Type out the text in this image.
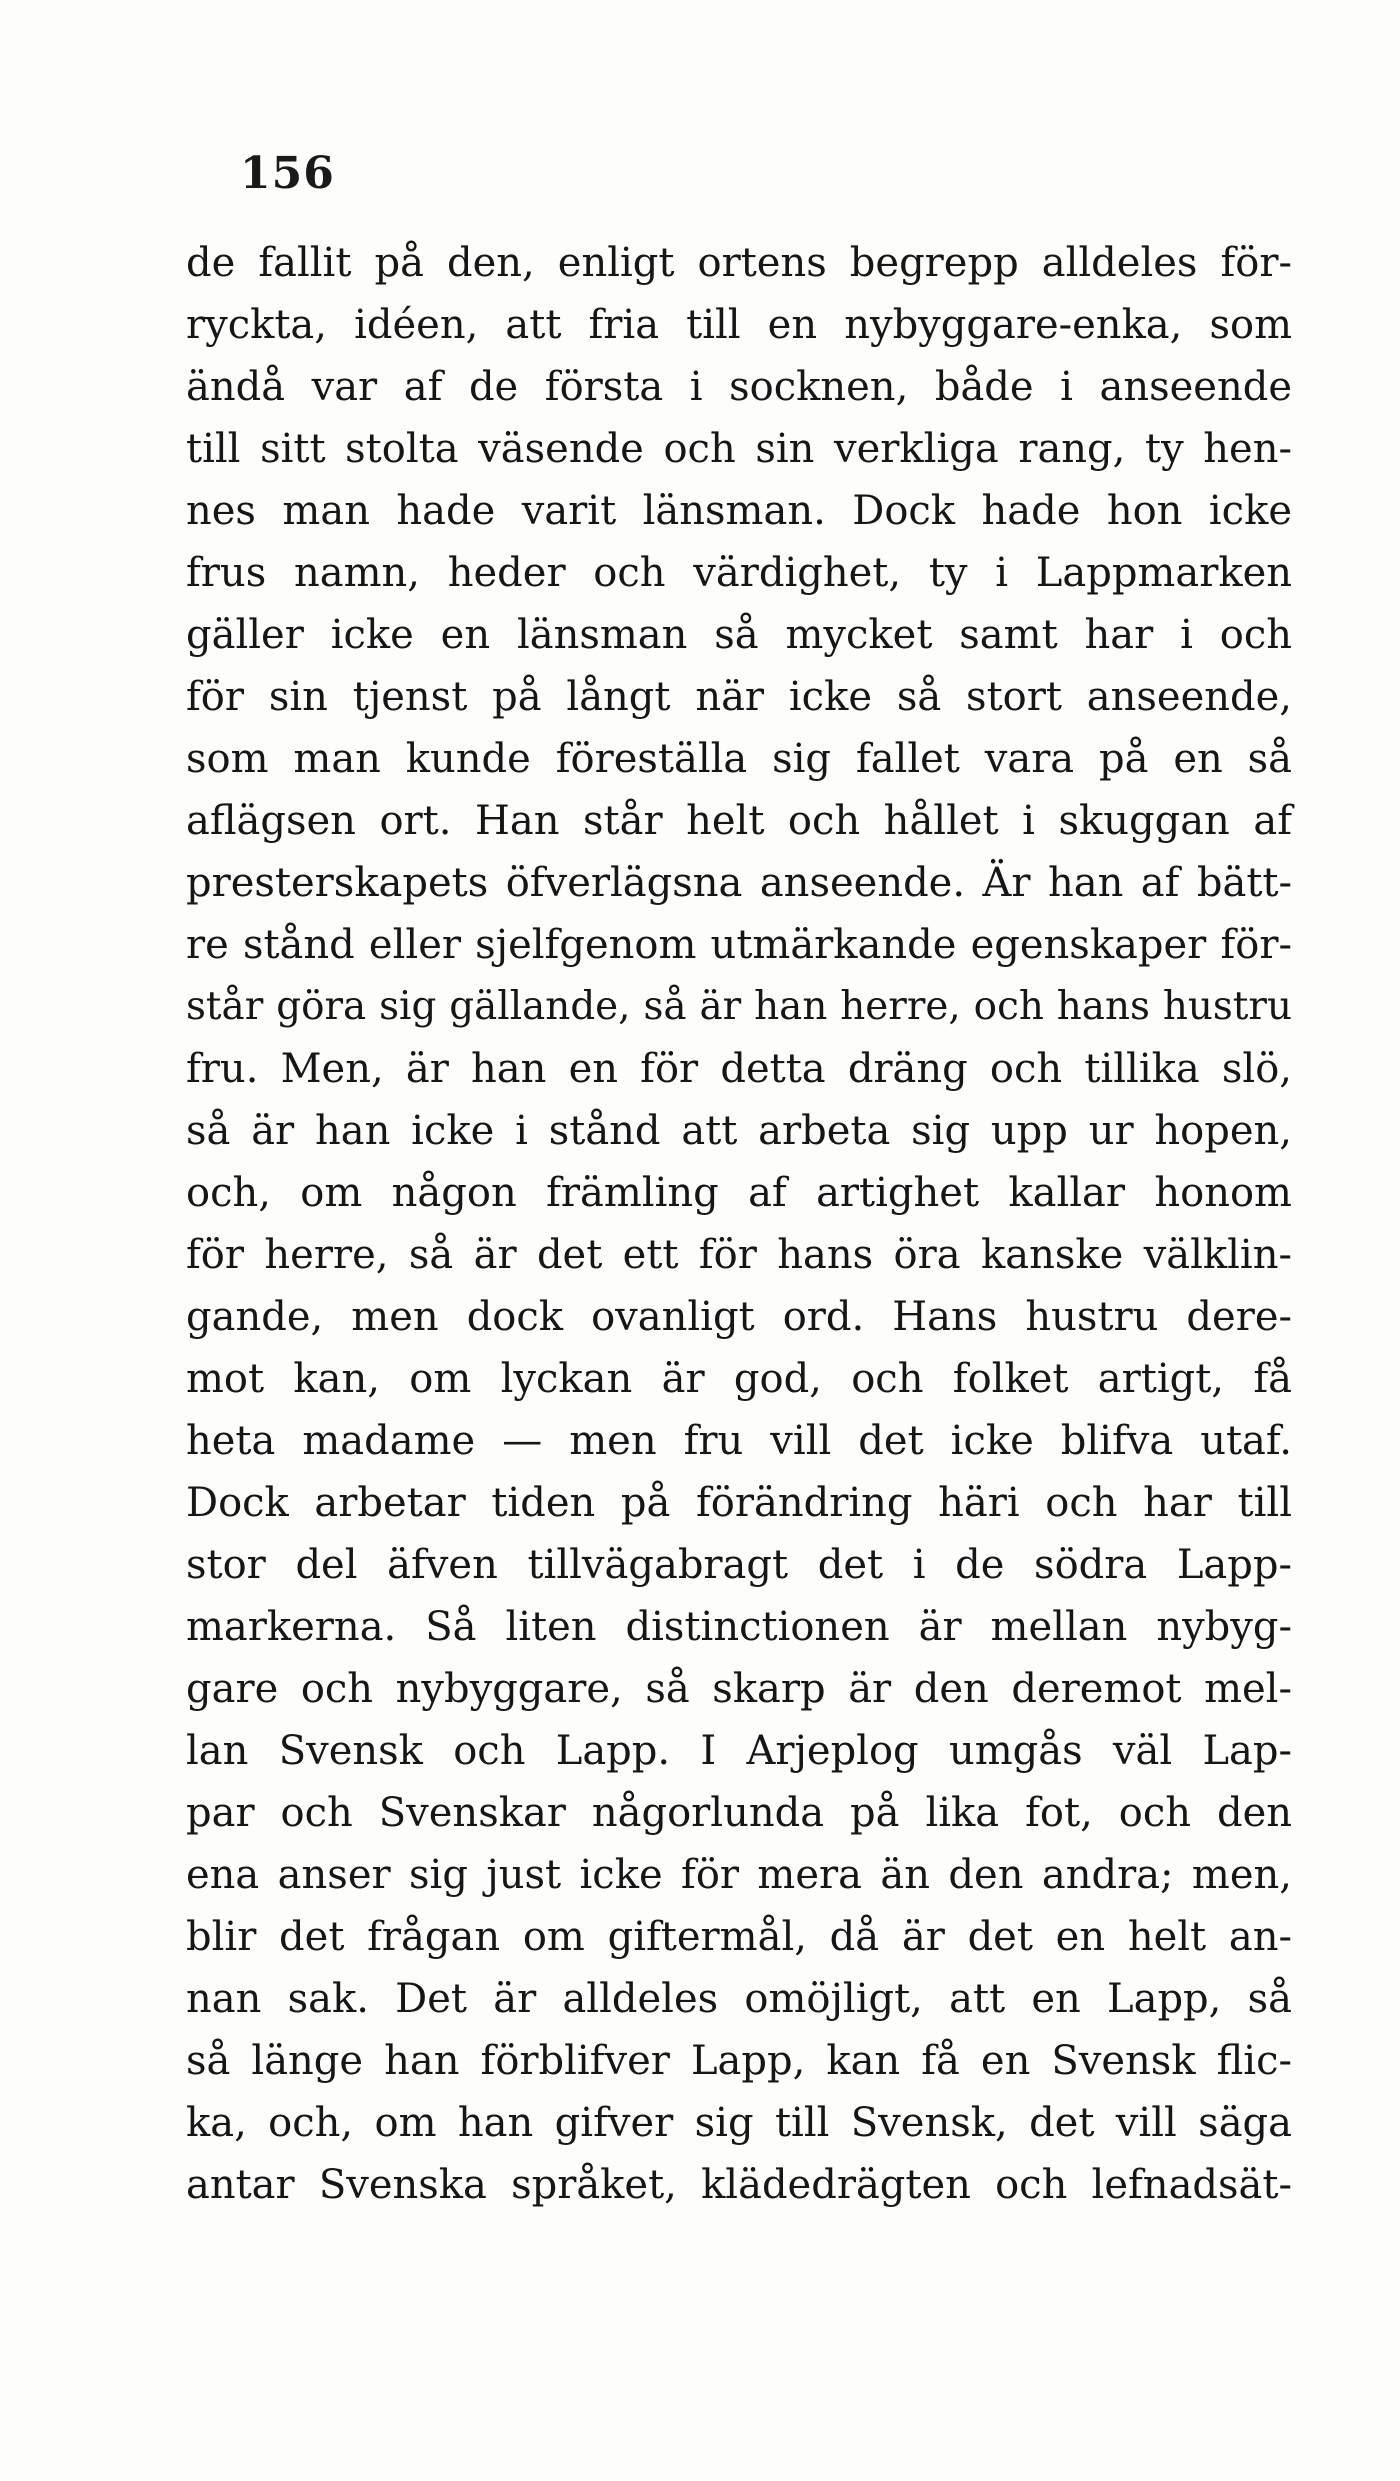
156
de fallit på den, enligt ortens begrepp alldeles för-
ryckta, idéen, att fria till en nybyggare-enka, som
ändå var af de första i socknen, både i anseende
till sitt stolta väsende och sin verkliga rang, ty hen-
nes man hade varit länsman. Dock hade hon icke
frus namn, heder och värdighet, ty i Lappmarken
gäller icke en länsman så mycket samt har i och
för sin tjenst på långt när icke så stort anseende,
som man kunde föreställa sig fallet vara på en så
aflägsen ort. Han står helt och hållet i skuggan af
presterskapets öfverlägsna anseende. Är han af bätt-
re stånd eller sjelfgenom utmärkande egenskaper för-
står göra sig gällande, så är han herre, och hans hustru
fru. Men, är han en för detta dräng och tillika slö,
så är han icke i stånd att arbeta sig upp ur hopen,
och, om någon främling af artighet kallar honom
för herre, så är det ett för hans öra kanske välklin-
gande, men dock ovanligt ord. Hans hustru dere-
mot kan, om lyckan är god, och folket artigt, få
heta madame — men fru vill det icke blifva utaf.
Dock arbetar tiden på förändring häri och har till
stor del äfven tillvägabragt det i de södra Lapp-
markerna. Så liten distinctionen är mellan nybyg-
gare och nybyggare, så skarp är den deremot mel-
lan Svensk och Lapp. I Arjeplog umgås väl Lap-
par och Svenskar någorlunda på lika fot, och den
ena anser sig just icke för mera än den andra; men,
blir det frågan om giftermål, då är det en helt an-
nan sak. Det är alldeles omöjligt, att en Lapp, så
så länge han förblifver Lapp, kan få en Svensk flic-
ka, och, om han gifver sig till Svensk, det vill säga
antar Svenska språket, klädedrägten och lefnadsät-
